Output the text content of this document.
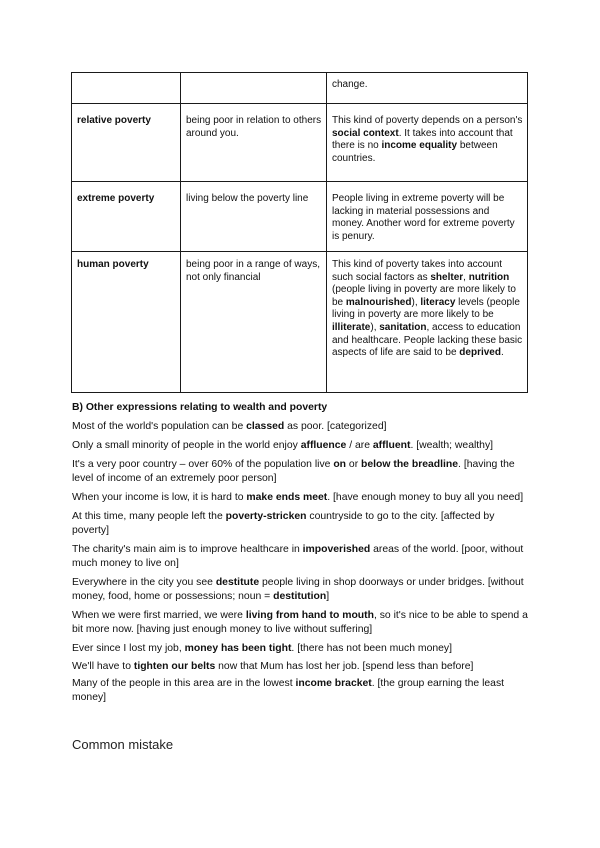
		change.
relative poverty	being poor in relation to others around you.	This kind of poverty depends on a person's social context. It takes into account that there is no income equality between countries.
extreme poverty	living below the poverty line	People living in extreme poverty will be lacking in material possessions and money. Another word for extreme poverty is penury.
human poverty	being poor in a range of ways, not only financial	This kind of poverty takes into account such social factors as shelter, nutrition (people living in poverty are more likely to be malnourished), literacy levels (people living in poverty are more likely to be illiterate), sanitation, access to education and healthcare. People lacking these basic aspects of life are said to be deprived.
B) Other expressions relating to wealth and poverty

Most of the world's population can be classed as poor. [categorized]

Only a small minority of people in the world enjoy affluence / are affluent. [wealth; wealthy]

It's a very poor country – over 60% of the population live on or below the breadline. [having the level of income of an extremely poor person]

When your income is low, it is hard to make ends meet. [have enough money to buy all you need]

At this time, many people left the poverty-stricken countryside to go to the city. [affected by poverty]

The charity's main aim is to improve healthcare in impoverished areas of the world. [poor, without much money to live on]

Everywhere in the city you see destitute people living in shop doorways or under bridges. [without money, food, home or possessions; noun = destitution]

When we were first married, we were living from hand to mouth, so it's nice to be able to spend a bit more now. [having just enough money to live without suffering]

Ever since I lost my job, money has been tight. [there has not been much money]

We'll have to tighten our belts now that Mum has lost her job. [spend less than before]

Many of the people in this area are in the lowest income bracket. [the group earning the least money]

Common mistake
